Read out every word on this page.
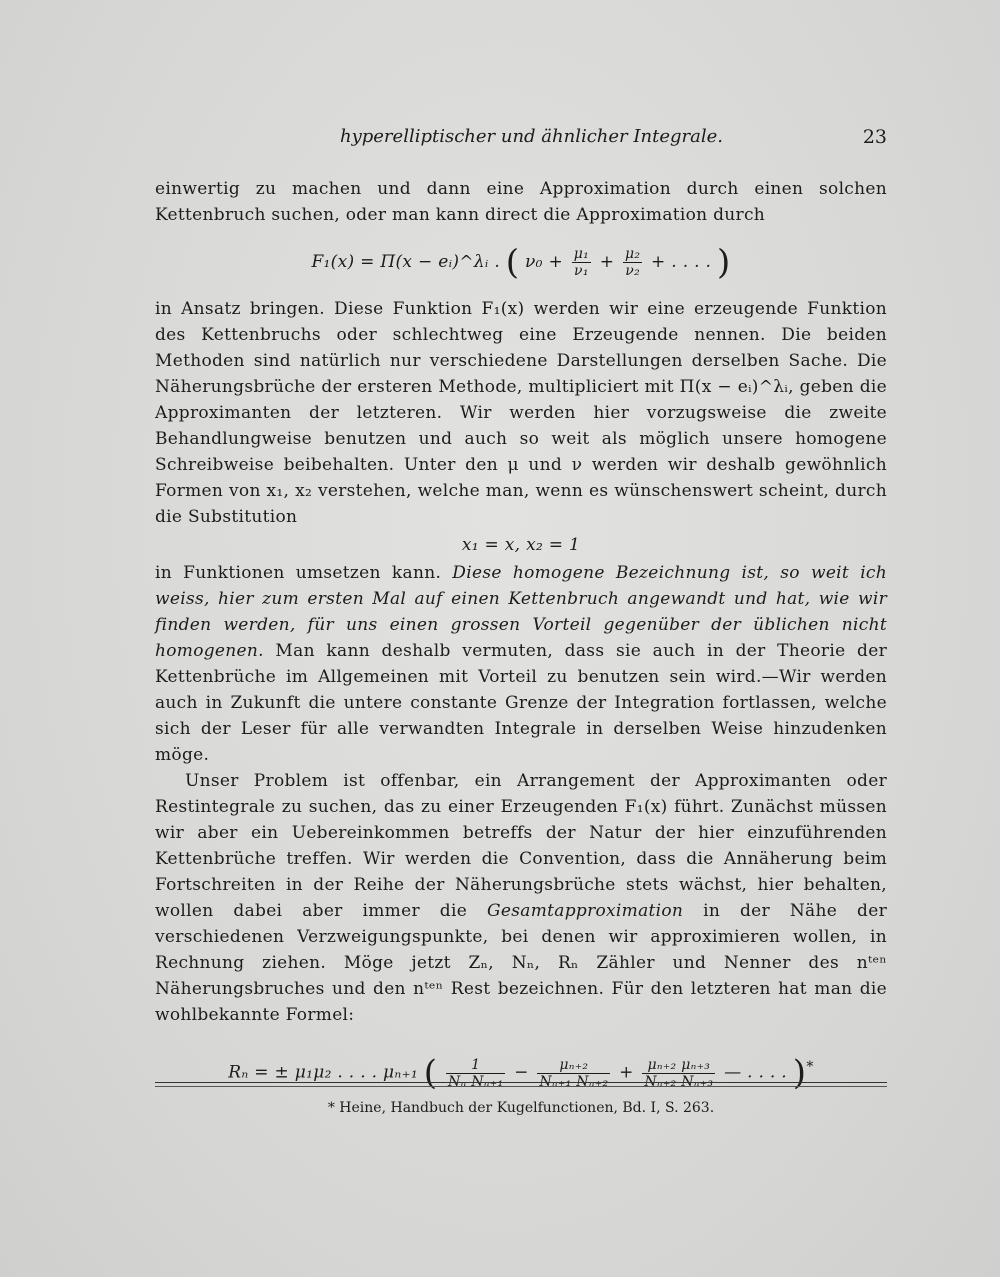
hyperelliptischer und ähnlicher Integrale.	23

einwertig zu machen und dann eine Approximation durch einen solchen Kettenbruch suchen, oder man kann direct die Approximation durch

F₁(x) = Π(x − eᵢ)^λᵢ . ( $\nu_0 + \frac{\text{μ₁}}{\text{ν₁}} + \frac{\text{μ₂}}{\text{ν₂}}$ + . . . . )

in Ansatz bringen. Diese Funktion F₁(x) werden wir eine erzeugende Funktion des Kettenbruchs oder schlechtweg eine Erzeugende nennen. Die beiden Methoden sind natürlich nur verschiedene Darstellungen derselben Sache. Die Näherungsbrüche der ersteren Methode, multipliciert mit Π(x − eᵢ)^λᵢ, geben die Approximanten der letzteren. Wir werden hier vorzugsweise die zweite Behandlungweise benutzen und auch so weit als möglich unsere homogene Schreibweise beibehalten. Unter den μ und ν werden wir deshalb gewöhnlich Formen von x₁, x₂ verstehen, welche man, wenn es wünschenswert scheint, durch die Substitution

x₁ = x, x₂ = 1

in Funktionen umsetzen kann. Diese homogene Bezeichnung ist, so weit ich weiss, hier zum ersten Mal auf einen Kettenbruch angewandt und hat, wie wir finden werden, für uns einen grossen Vorteil gegenüber der üblichen nicht homogenen. Man kann deshalb vermuten, dass sie auch in der Theorie der Kettenbrüche im Allgemeinen mit Vorteil zu benutzen sein wird.—Wir werden auch in Zukunft die untere constante Grenze der Integration fortlassen, welche sich der Leser für alle verwandten Integrale in derselben Weise hinzudenken möge.

Unser Problem ist offenbar, ein Arrangement der Approximanten oder Restintegrale zu suchen, das zu einer Erzeugenden F₁(x) führt. Zunächst müssen wir aber ein Uebereinkommen betreffs der Natur der hier einzuführenden Kettenbrüche treffen. Wir werden die Convention, dass die Annäherung beim Fortschreiten in der Reihe der Näherungsbrüche stets wächst, hier behalten, wollen dabei aber immer die Gesamtapproximation in der Nähe der verschiedenen Verzweigungspunkte, bei denen wir approximieren wollen, in Rechnung ziehen. Möge jetzt Zₙ, Nₙ, Rₙ Zähler und Nenner des nᵗᵉⁿ Näherungsbruches und den nᵗᵉⁿ Rest bezeichnen. Für den letzteren hat man die wohlbekannte Formel:

Rₙ = ± μ₁μ₂ . . . . μₙ₊₁ ( $\frac{1}{\text{Nₙ Nₙ₊₁}} - \frac{\text{μₙ₊₂}}{\text{Nₙ₊₁ Nₙ₊₂}} + \frac{\text{μₙ₊₂ μₙ₊₃}}{\text{Nₙ₊₂ Nₙ₊₃}}$ — . . . . )*
* Heine, Handbuch der Kugelfunctionen, Bd. I, S. 263.
